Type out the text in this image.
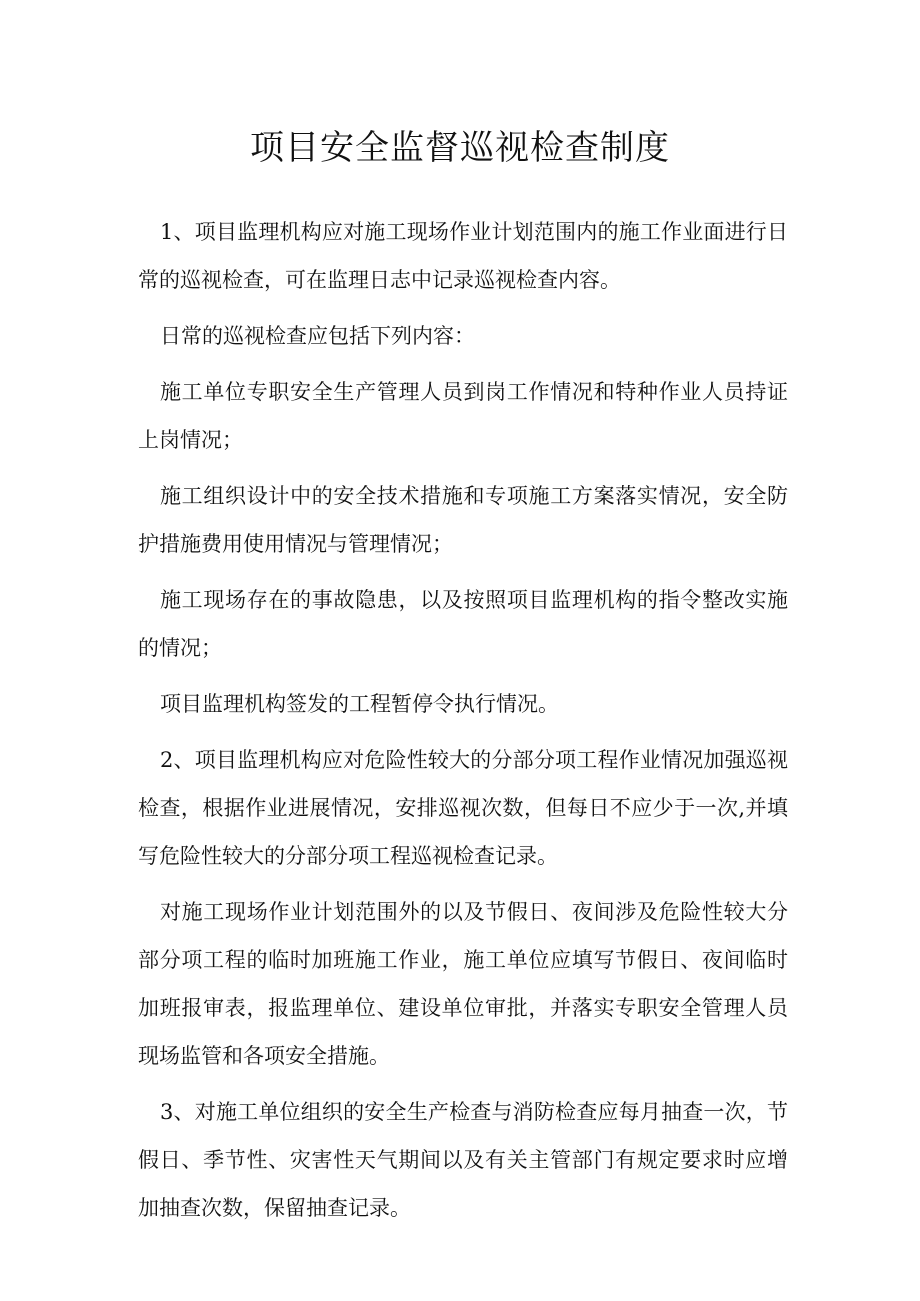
项目安全监督巡视检查制度

1、项目监理机构应对施工现场作业计划范围内的施工作业面进行日常的巡视检查，可在监理日志中记录巡视检查内容。

日常的巡视检查应包括下列内容：

施工单位专职安全生产管理人员到岗工作情况和特种作业人员持证上岗情况；

施工组织设计中的安全技术措施和专项施工方案落实情况，安全防护措施费用使用情况与管理情况；

施工现场存在的事故隐患，以及按照项目监理机构的指令整改实施的情况；

项目监理机构签发的工程暂停令执行情况。

2、项目监理机构应对危险性较大的分部分项工程作业情况加强巡视检查，根据作业进展情况，安排巡视次数，但每日不应少于一次,并填写危险性较大的分部分项工程巡视检查记录。

对施工现场作业计划范围外的以及节假日、夜间涉及危险性较大分部分项工程的临时加班施工作业，施工单位应填写节假日、夜间临时加班报审表，报监理单位、建设单位审批，并落实专职安全管理人员现场监管和各项安全措施。

3、对施工单位组织的安全生产检查与消防检查应每月抽查一次，节假日、季节性、灾害性天气期间以及有关主管部门有规定要求时应增加抽查次数，保留抽查记录。
